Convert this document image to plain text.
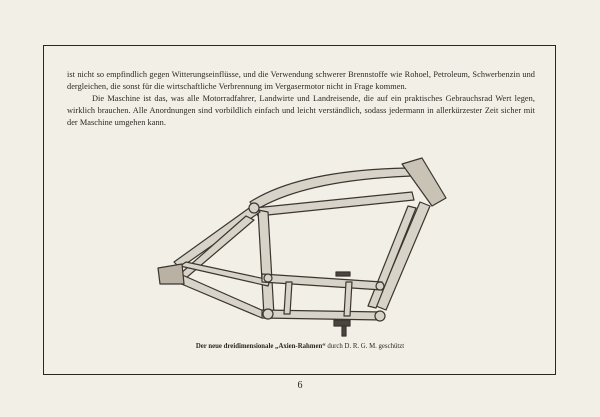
ist nicht so empfindlich gegen Witterungseinflüsse, und die Verwendung schwerer Brennstoffe wie Rohoel, Petroleum, Schwerbenzin und dergleichen, die sonst für die wirtschaftliche Verbrennung im Vergasermotor nicht in Frage kommen.

Die Maschine ist das, was alle Motorradfahrer, Landwirte und Landreisende, die auf ein praktisches Gebrauchsrad Wert legen, wirklich brauchen. Alle Anordnungen sind vorbildlich einfach und leicht verständlich, sodass jedermann in allerkürzester Zeit sicher mit der Maschine umgehen kann.

Der neue dreidimensionale „Axien-Rahmen“ durch D. R. G. M. geschützt
6
